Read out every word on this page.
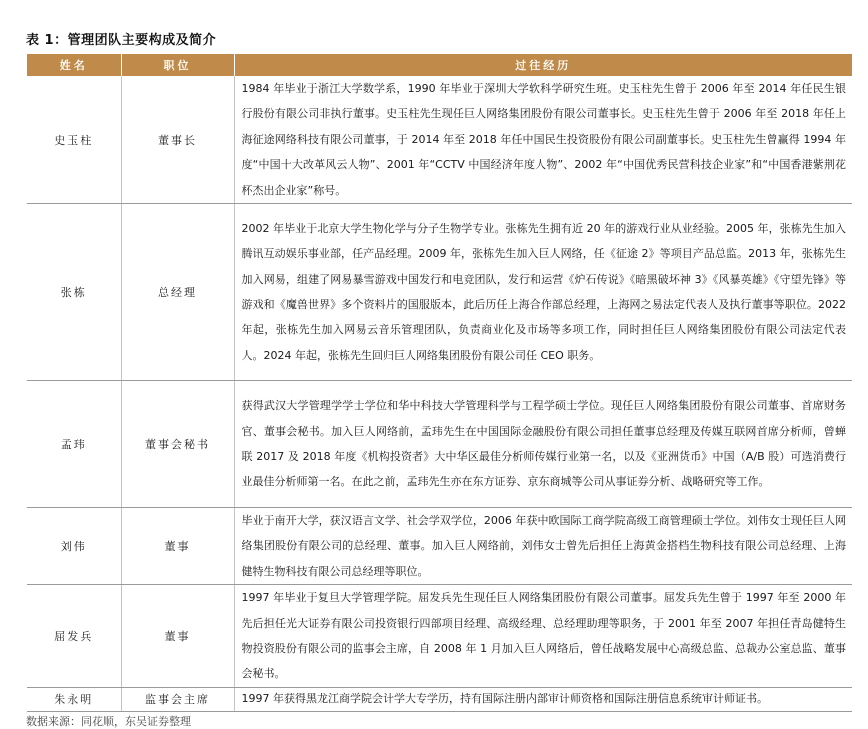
表 1：管理团队主要构成及简介
姓名	职位	过往经历
史玉柱	董事长	1984 年毕业于浙江大学数学系，1990 年毕业于深圳大学软科学研究生班。史玉柱先生曾于 2006 年至 2014 年任民生银行股份有限公司非执行董事。史玉柱先生现任巨人网络集团股份有限公司董事长。史玉柱先生曾于 2006 年至 2018 年任上海征途网络科技有限公司董事，于 2014 年至 2018 年任中国民生投资股份有限公司副董事长。史玉柱先生曾赢得 1994 年度“中国十大改革风云人物”、2001 年“CCTV 中国经济年度人物”、2002 年“中国优秀民营科技企业家”和“中国香港紫荆花杯杰出企业家”称号。
张栋	总经理	2002 年毕业于北京大学生物化学与分子生物学专业。张栋先生拥有近 20 年的游戏行业从业经验。2005 年，张栋先生加入腾讯互动娱乐事业部，任产品经理。2009 年，张栋先生加入巨人网络，任《征途 2》等项目产品总监。2013 年，张栋先生加入网易，组建了网易暴雪游戏中国发行和电竞团队，发行和运营《炉石传说》《暗黑破坏神 3》《风暴英雄》《守望先锋》等游戏和《魔兽世界》多个资料片的国服版本，此后历任上海合作部总经理，上海网之易法定代表人及执行董事等职位。2022 年起，张栋先生加入网易云音乐管理团队，负责商业化及市场等多项工作，同时担任巨人网络集团股份有限公司法定代表人。2024 年起，张栋先生回归巨人网络集团股份有限公司任 CEO 职务。
孟玮	董事会秘书	获得武汉大学管理学学士学位和华中科技大学管理科学与工程学硕士学位。现任巨人网络集团股份有限公司董事、首席财务官、董事会秘书。加入巨人网络前，孟玮先生在中国国际金融股份有限公司担任董事总经理及传媒互联网首席分析师，曾蝉联 2017 及 2018 年度《机构投资者》大中华区最佳分析师传媒行业第一名，以及《亚洲货币》中国（A/B 股）可选消费行业最佳分析师第一名。在此之前，孟玮先生亦在东方证券、京东商城等公司从事证券分析、战略研究等工作。
刘伟	董事	毕业于南开大学，获汉语言文学、社会学双学位，2006 年获中欧国际工商学院高级工商管理硕士学位。刘伟女士现任巨人网络集团股份有限公司的总经理、董事。加入巨人网络前，刘伟女士曾先后担任上海黄金搭档生物科技有限公司总经理、上海健特生物科技有限公司总经理等职位。
屈发兵	董事	1997 年毕业于复旦大学管理学院。屈发兵先生现任巨人网络集团股份有限公司董事。屈发兵先生曾于 1997 年至 2000 年先后担任光大证券有限公司投资银行四部项目经理、高级经理、总经理助理等职务，于 2001 年至 2007 年担任青岛健特生物投资股份有限公司的监事会主席，自 2008 年 1 月加入巨人网络后，曾任战略发展中心高级总监、总裁办公室总监、董事会秘书。
朱永明	监事会主席	1997 年获得黑龙江商学院会计学大专学历，持有国际注册内部审计师资格和国际注册信息系统审计师证书。
数据来源：同花顺，东吴证券整理
